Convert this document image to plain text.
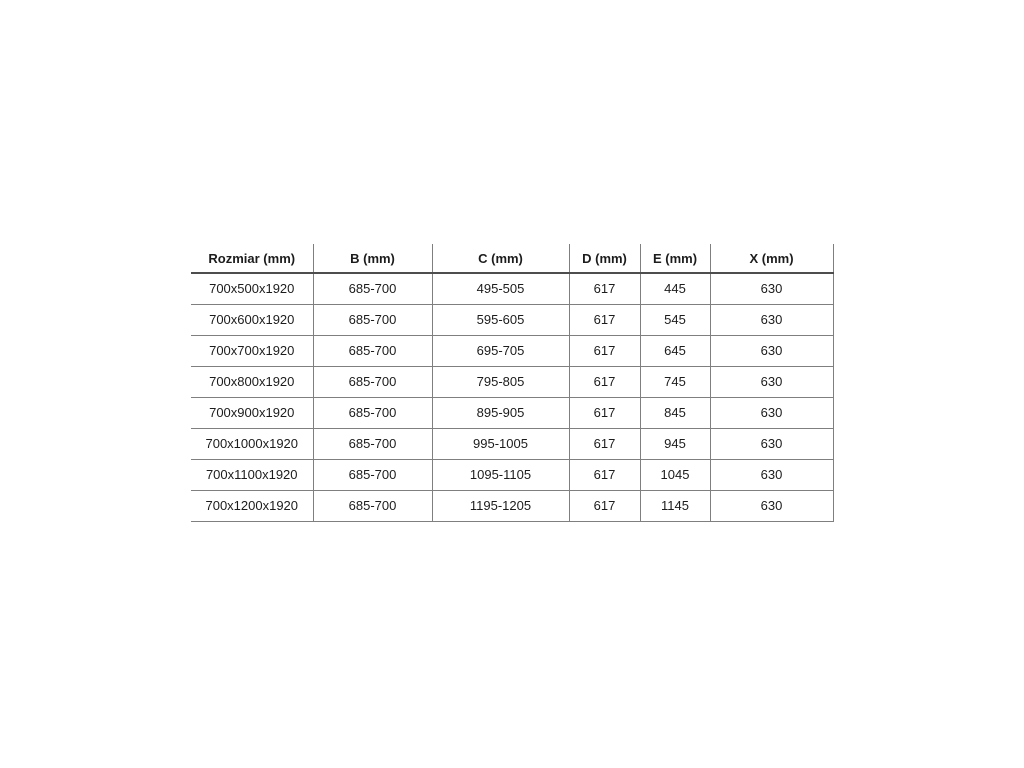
Rozmiar (mm)	B (mm)	C (mm)	D (mm)	E (mm)	X (mm)
700x500x1920	685-700	495-505	617	445	630
700x600x1920	685-700	595-605	617	545	630
700x700x1920	685-700	695-705	617	645	630
700x800x1920	685-700	795-805	617	745	630
700x900x1920	685-700	895-905	617	845	630
700x1000x1920	685-700	995-1005	617	945	630
700x1100x1920	685-700	1095-1105	617	1045	630
700x1200x1920	685-700	1195-1205	617	1145	630
